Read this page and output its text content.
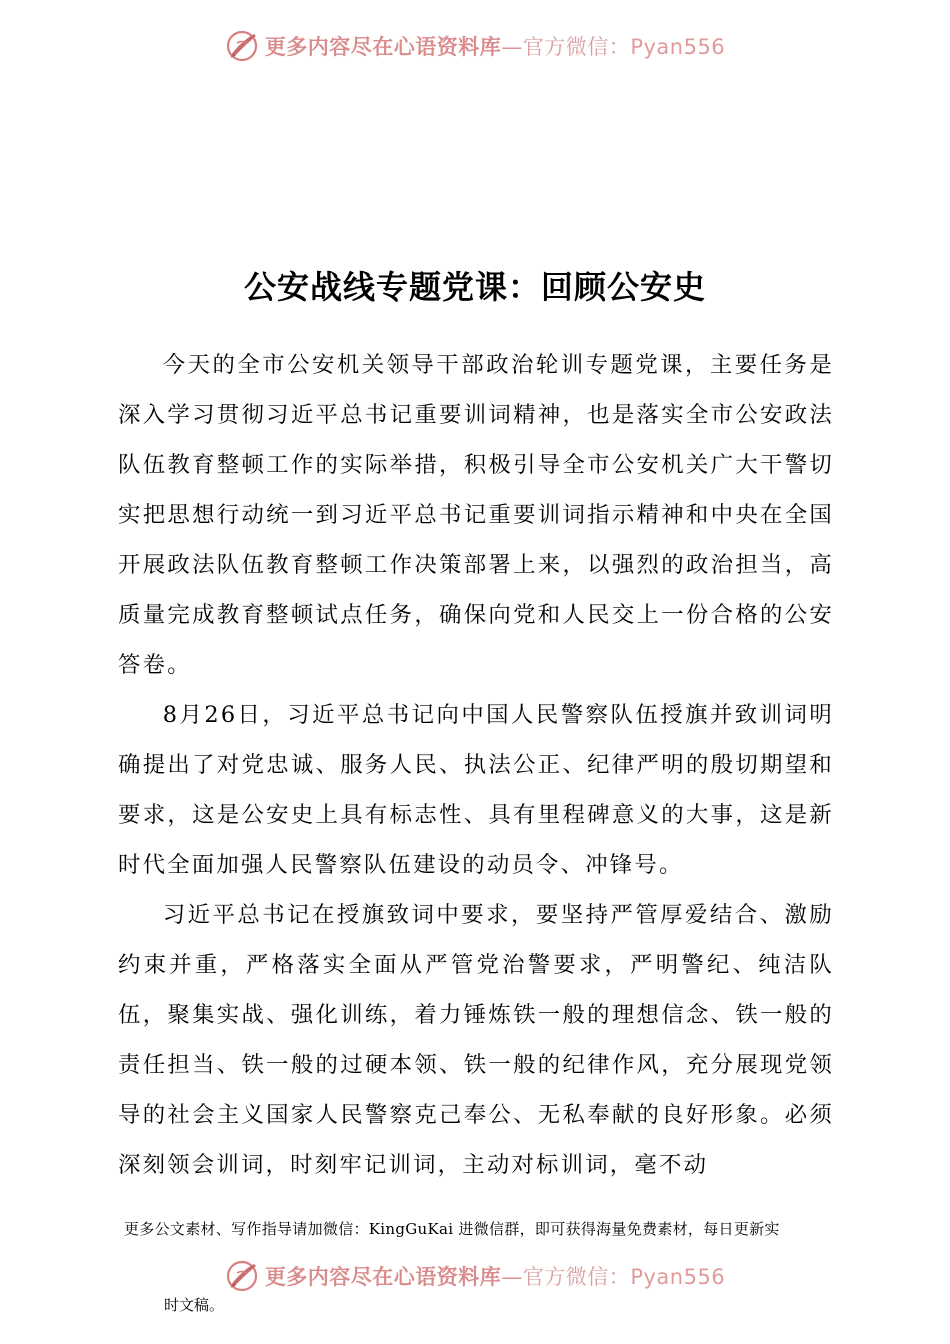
更多内容尽在心语资料库—官方微信：Pyan556
公安战线专题党课：回顾公安史

今天的全市公安机关领导干部政治轮训专题党课，主要任务是深入学习贯彻习近平总书记重要训词精神，也是落实全市公安政法队伍教育整顿工作的实际举措，积极引导全市公安机关广大干警切实把思想行动统一到习近平总书记重要训词指示精神和中央在全国开展政法队伍教育整顿工作决策部署上来，以强烈的政治担当，高质量完成教育整顿试点任务，确保向党和人民交上一份合格的公安答卷。

8月26日，习近平总书记向中国人民警察队伍授旗并致训词明确提出了对党忠诚、服务人民、执法公正、纪律严明的殷切期望和要求，这是公安史上具有标志性、具有里程碑意义的大事，这是新时代全面加强人民警察队伍建设的动员令、冲锋号。

习近平总书记在授旗致词中要求，要坚持严管厚爱结合、激励约束并重，严格落实全面从严管党治警要求，严明警纪、纯洁队伍，聚集实战、强化训练，着力锤炼铁一般的理想信念、铁一般的责任担当、铁一般的过硬本领、铁一般的纪律作风，充分展现党领导的社会主义国家人民警察克己奉公、无私奉献的良好形象。必须深刻领会训词，时刻牢记训词，主动对标训词，毫不动

更多公文素材、写作指导请加微信：KingGuKai 进微信群，即可获得海量免费素材，每日更新实
更多内容尽在心语资料库—官方微信：Pyan556
时文稿。
